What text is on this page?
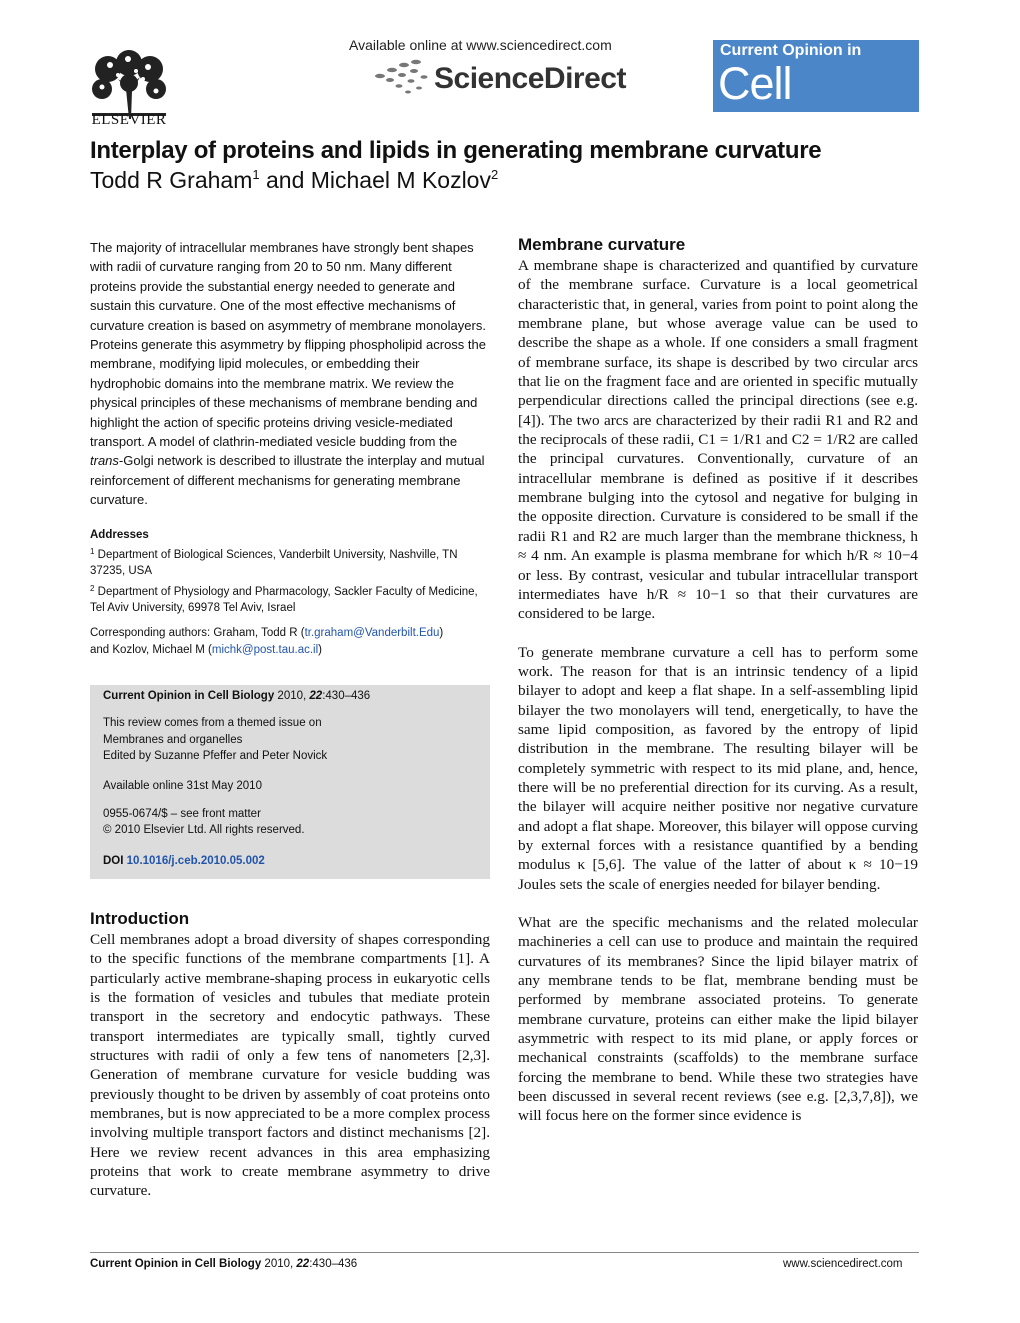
ELSEVIER
Available online at www.sciencedirect.com
ScienceDirect
Current Opinion in
Cell Biology
Interplay of proteins and lipids in generating membrane curvature
Todd R Graham$^1$ and Michael M Kozlov$^2$
The majority of intracellular membranes have strongly bent shapes with radii of curvature ranging from 20 to 50 nm. Many different proteins provide the substantial energy needed to generate and sustain this curvature. One of the most effective mechanisms of curvature creation is based on asymmetry of membrane monolayers. Proteins generate this asymmetry by flipping phospholipid across the membrane, modifying lipid molecules, or embedding their hydrophobic domains into the membrane matrix. We review the physical principles of these mechanisms of membrane bending and highlight the action of specific proteins driving vesicle-mediated transport. A model of clathrin-mediated vesicle budding from the trans-Golgi network is described to illustrate the interplay and mutual reinforcement of different mechanisms for generating membrane curvature.
Addresses

$^1$ Department of Biological Sciences, Vanderbilt University, Nashville, TN 37235, USA

$^2$ Department of Physiology and Pharmacology, Sackler Faculty of Medicine, Tel Aviv University, 69978 Tel Aviv, Israel

Corresponding authors: Graham, Todd R (tr.graham@Vanderbilt.Edu)
and Kozlov, Michael M (michk@post.tau.ac.il)
Current Opinion in Cell Biology 2010, 22:430–436
This review comes from a themed issue on
Membranes and organelles
Edited by Suzanne Pfeffer and Peter Novick
Available online 31st May 2010
0955-0674/$ – see front matter
© 2010 Elsevier Ltd. All rights reserved.
DOI 10.1016/j.ceb.2010.05.002
Introduction
Cell membranes adopt a broad diversity of shapes corresponding to the specific functions of the membrane compartments [1]. A particularly active membrane-shaping process in eukaryotic cells is the formation of vesicles and tubules that mediate protein transport in the secretory and endocytic pathways. These transport intermediates are typically small, tightly curved structures with radii of only a few tens of nanometers [2,3]. Generation of membrane curvature for vesicle budding was previously thought to be driven by assembly of coat proteins onto membranes, but is now appreciated to be a more complex process involving multiple transport factors and distinct mechanisms [2]. Here we review recent advances in this area emphasizing proteins that work to create membrane asymmetry to drive curvature.
Membrane curvature

A membrane shape is characterized and quantified by curvature of the membrane surface. Curvature is a local geometrical characteristic that, in general, varies from point to point along the membrane plane, but whose average value can be used to describe the shape as a whole. If one considers a small fragment of membrane surface, its shape is described by two circular arcs that lie on the fragment face and are oriented in specific mutually perpendicular directions called the principal directions (see e.g. [4]). The two arcs are characterized by their radii R1 and R2 and the reciprocals of these radii, C1 = 1/R1 and C2 = 1/R2 are called the principal curvatures. Conventionally, curvature of an intracellular membrane is defined as positive if it describes membrane bulging into the cytosol and negative for bulging in the opposite direction. Curvature is considered to be small if the radii R1 and R2 are much larger than the membrane thickness, h ≈ 4 nm. An example is plasma membrane for which h/R ≈ 10−4 or less. By contrast, vesicular and tubular intracellular transport intermediates have h/R ≈ 10−1 so that their curvatures are considered to be large.

To generate membrane curvature a cell has to perform some work. The reason for that is an intrinsic tendency of a lipid bilayer to adopt and keep a flat shape. In a self-assembling lipid bilayer the two monolayers will tend, energetically, to have the same lipid composition, as favored by the entropy of lipid distribution in the membrane. The resulting bilayer will be completely symmetric with respect to its mid plane, and, hence, there will be no preferential direction for its curving. As a result, the bilayer will acquire neither positive nor negative curvature and adopt a flat shape. Moreover, this bilayer will oppose curving by external forces with a resistance quantified by a bending modulus κ [5,6]. The value of the latter of about κ ≈ 10−19 Joules sets the scale of energies needed for bilayer bending.

What are the specific mechanisms and the related molecular machineries a cell can use to produce and maintain the required curvatures of its membranes? Since the lipid bilayer matrix of any membrane tends to be flat, membrane bending must be performed by membrane associated proteins. To generate membrane curvature, proteins can either make the lipid bilayer asymmetric with respect to its mid plane, or apply forces or mechanical constraints (scaffolds) to the membrane surface forcing the membrane to bend. While these two strategies have been discussed in several recent reviews (see e.g. [2,3,7,8]), we will focus here on the former since evidence is

Current Opinion in Cell Biology 2010, 22:430–436	www.sciencedirect.com
